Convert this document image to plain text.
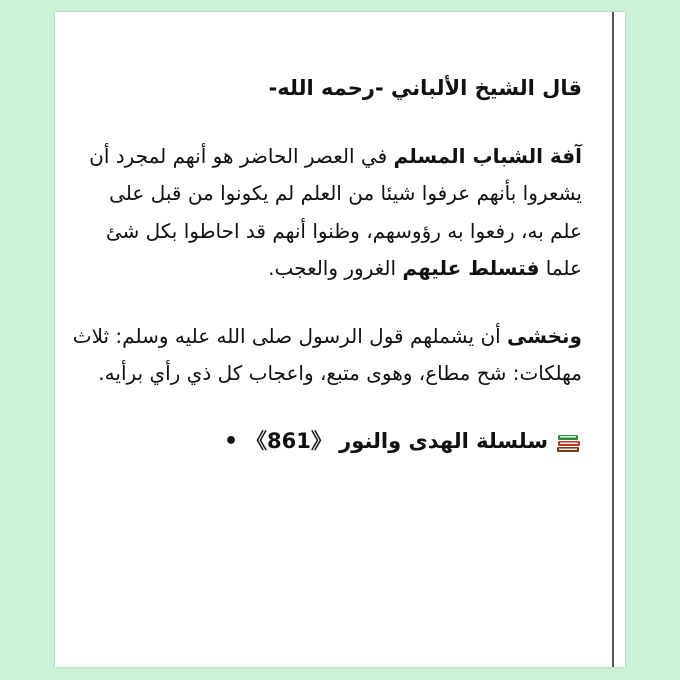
قال الشيخ الألباني -رحمه الله-
آفة الشباب المسلم في العصر الحاضر هو أنهم لمجرد أن يشعروا بأنهم عرفوا شيئا من العلم لم يكونوا من قبل على علم به، رفعوا به رؤوسهم، وظنوا أنهم قد احاطوا بكل شئ علما فتسلط عليهم الغرور والعجب.
ونخشى أن يشملهم قول الرسول صلى الله عليه وسلم: ثلاث مهلكات: شح مطاع، وهوى متبع، واعجاب كل ذي رأي برأيه.
سلسلة الهدى والنور 《861》
•
